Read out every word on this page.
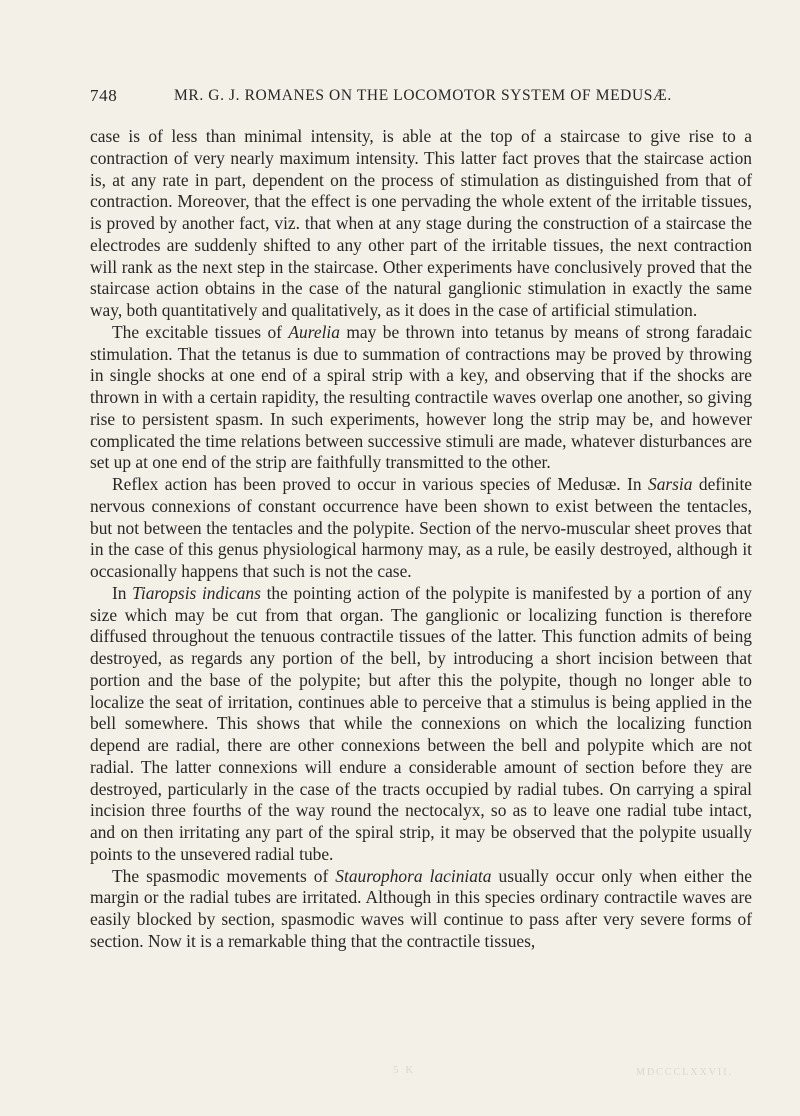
748	MR. G. J. ROMANES ON THE LOCOMOTOR SYSTEM OF MEDUSÆ.

case is of less than minimal intensity, is able at the top of a staircase to give rise to a contraction of very nearly maximum intensity. This latter fact proves that the staircase action is, at any rate in part, dependent on the process of stimulation as distinguished from that of contraction. Moreover, that the effect is one pervading the whole extent of the irritable tissues, is proved by another fact, viz. that when at any stage during the construction of a staircase the electrodes are suddenly shifted to any other part of the irritable tissues, the next contraction will rank as the next step in the staircase. Other experiments have conclusively proved that the staircase action obtains in the case of the natural ganglionic stimulation in exactly the same way, both quantitatively and qualitatively, as it does in the case of artificial stimulation.

The excitable tissues of Aurelia may be thrown into tetanus by means of strong faradaic stimulation. That the tetanus is due to summation of contractions may be proved by throwing in single shocks at one end of a spiral strip with a key, and observing that if the shocks are thrown in with a certain rapidity, the resulting contractile waves overlap one another, so giving rise to persistent spasm. In such experiments, however long the strip may be, and however complicated the time relations between successive stimuli are made, whatever disturbances are set up at one end of the strip are faithfully transmitted to the other.

Reflex action has been proved to occur in various species of Medusæ. In Sarsia definite nervous connexions of constant occurrence have been shown to exist between the tentacles, but not between the tentacles and the polypite. Section of the nervo-muscular sheet proves that in the case of this genus physiological harmony may, as a rule, be easily destroyed, although it occasionally happens that such is not the case.

In Tiaropsis indicans the pointing action of the polypite is manifested by a portion of any size which may be cut from that organ. The ganglionic or localizing function is therefore diffused throughout the tenuous contractile tissues of the latter. This function admits of being destroyed, as regards any portion of the bell, by introducing a short incision between that portion and the base of the polypite; but after this the polypite, though no longer able to localize the seat of irritation, continues able to perceive that a stimulus is being applied in the bell somewhere. This shows that while the connexions on which the localizing function depend are radial, there are other connexions between the bell and polypite which are not radial. The latter connexions will endure a considerable amount of section before they are destroyed, particularly in the case of the tracts occupied by radial tubes. On carrying a spiral incision three fourths of the way round the nectocalyx, so as to leave one radial tube intact, and on then irritating any part of the spiral strip, it may be observed that the polypite usually points to the unsevered radial tube.

The spasmodic movements of Staurophora laciniata usually occur only when either the margin or the radial tubes are irritated. Although in this species ordinary contractile waves are easily blocked by section, spasmodic waves will continue to pass after very severe forms of section. Now it is a remarkable thing that the contractile tissues,

5 K	MDCCCLXXVII.
